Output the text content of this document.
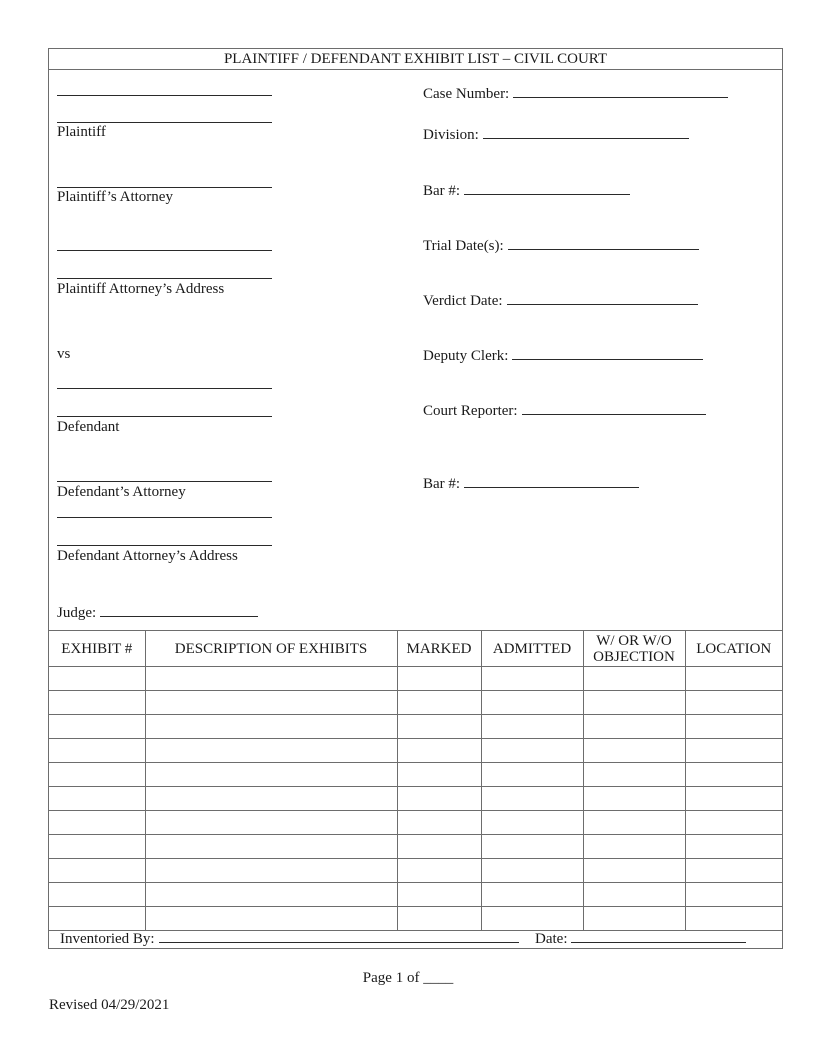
PLAINTIFF / DEFENDANT EXHIBIT LIST – CIVIL COURT
Plaintiff
Plaintiff’s Attorney
Plaintiff Attorney’s Address
vs
Defendant
Defendant’s Attorney
Defendant Attorney’s Address
Judge:
Case Number:
Division:
Bar #:
Trial Date(s):
Verdict Date:
Deputy Clerk:
Court Reporter:
Bar #:
EXHIBIT #	DESCRIPTION OF EXHIBITS	MARKED	ADMITTED	W/ OR W/O
OBJECTION	LOCATION

Inventoried By:	Date:
Page 1 of ____
Revised 04/29/2021
